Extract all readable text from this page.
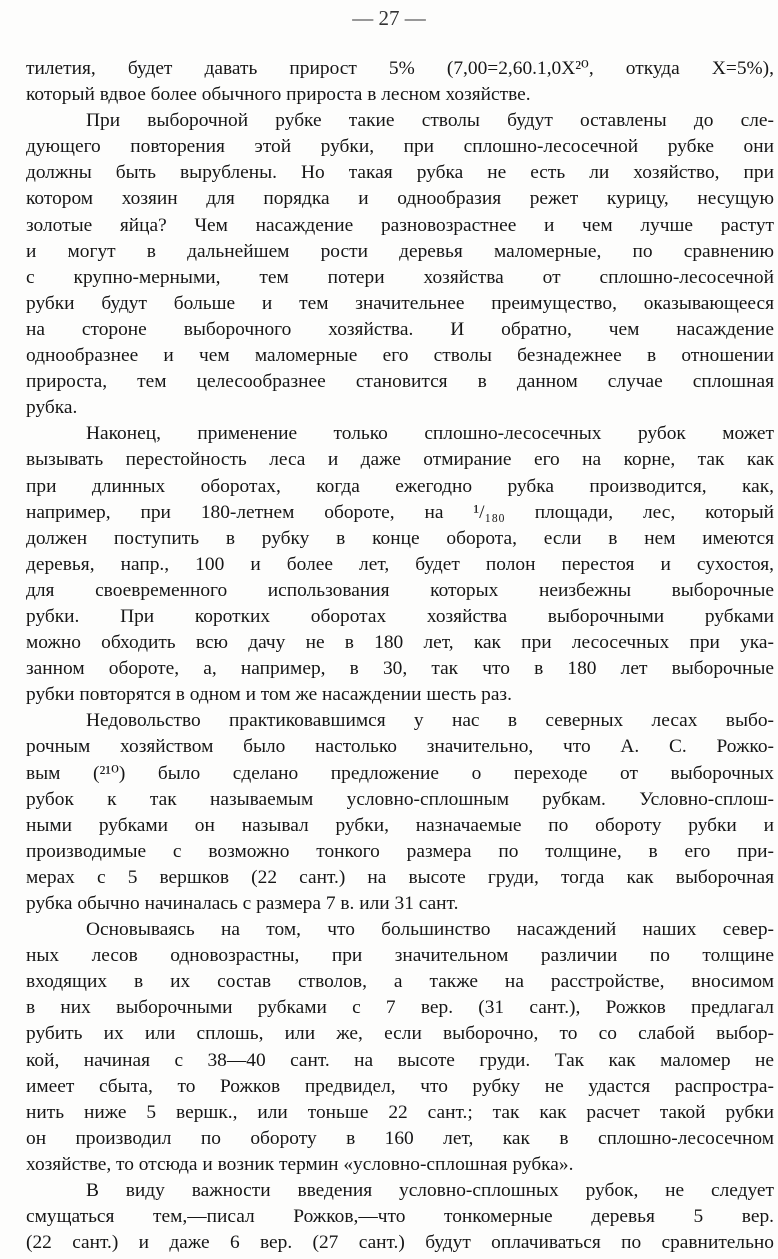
— 27 —
тилетия, будет давать прирост 5% (7,00=2,60.1,0X²⁰, откуда X=5%),
который вдвое более обычного прироста в лесном хозяйстве.
При выборочной рубке такие стволы будут оставлены до сле-
дующего повторения этой рубки, при сплошно-лесосечной рубке они
должны быть вырублены. Но такая рубка не есть ли хозяйство, при
котором хозяин для порядка и однообразия режет курицу, несущую
золотые яйца? Чем насаждение разновозрастнее и чем лучше растут
и могут в дальнейшем рости деревья маломерные, по сравнению
с крупно-мерными, тем потери хозяйства от сплошно-лесосечной
рубки будут больше и тем значительнее преимущество, оказывающееся
на стороне выборочного хозяйства. И обратно, чем насаждение
однообразнее и чем маломерные его стволы безнадежнее в отношении
прироста, тем целесообразнее становится в данном случае сплошная
рубка.
Наконец, применение только сплошно-лесосечных рубок может
вызывать перестойность леса и даже отмирание его на корне, так как
при длинных оборотах, когда ежегодно рубка производится, как,
например, при 180-летнем обороте, на ¹/₁₈₀ площади, лес, который
должен поступить в рубку в конце оборота, если в нем имеются
деревья, напр., 100 и более лет, будет полон перестоя и сухостоя,
для своевременного использования которых неизбежны выборочные
рубки. При коротких оборотах хозяйства выборочными рубками
можно обходить всю дачу не в 180 лет, как при лесосечных при ука-
занном обороте, а, например, в 30, так что в 180 лет выборочные
рубки повторятся в одном и том же насаждении шесть раз.
Недовольство практиковавшимся у нас в северных лесах выбо-
рочным хозяйством было настолько значительно, что А. С. Рожко-
вым (²¹⁰) было сделано предложение о переходе от выборочных
рубок к так называемым условно-сплошным рубкам. Условно-сплош-
ными рубками он называл рубки, назначаемые по обороту рубки и
производимые с возможно тонкого размера по толщине, в его при-
мерах с 5 вершков (22 сант.) на высоте груди, тогда как выборочная
рубка обычно начиналась с размера 7 в. или 31 сант.
Основываясь на том, что большинство насаждений наших север-
ных лесов одновозрастны, при значительном различии по толщине
входящих в их состав стволов, а также на расстройстве, вносимом
в них выборочными рубками с 7 вер. (31 сант.), Рожков предлагал
рубить их или сплошь, или же, если выборочно, то со слабой выбор-
кой, начиная с 38—40 сант. на высоте груди. Так как маломер не
имеет сбыта, то Рожков предвидел, что рубку не удастся распростра-
нить ниже 5 вершк., или тоньше 22 сант.; так как расчет такой рубки
он производил по обороту в 160 лет, как в сплошно-лесосечном
хозяйстве, то отсюда и возник термин «условно-сплошная рубка».
В виду важности введения условно-сплошных рубок, не следует
смущаться тем,—писал Рожков,—что тонкомерные деревья 5 вер.
(22 сант.) и даже 6 вер. (27 сант.) будут оплачиваться по сравнительно
